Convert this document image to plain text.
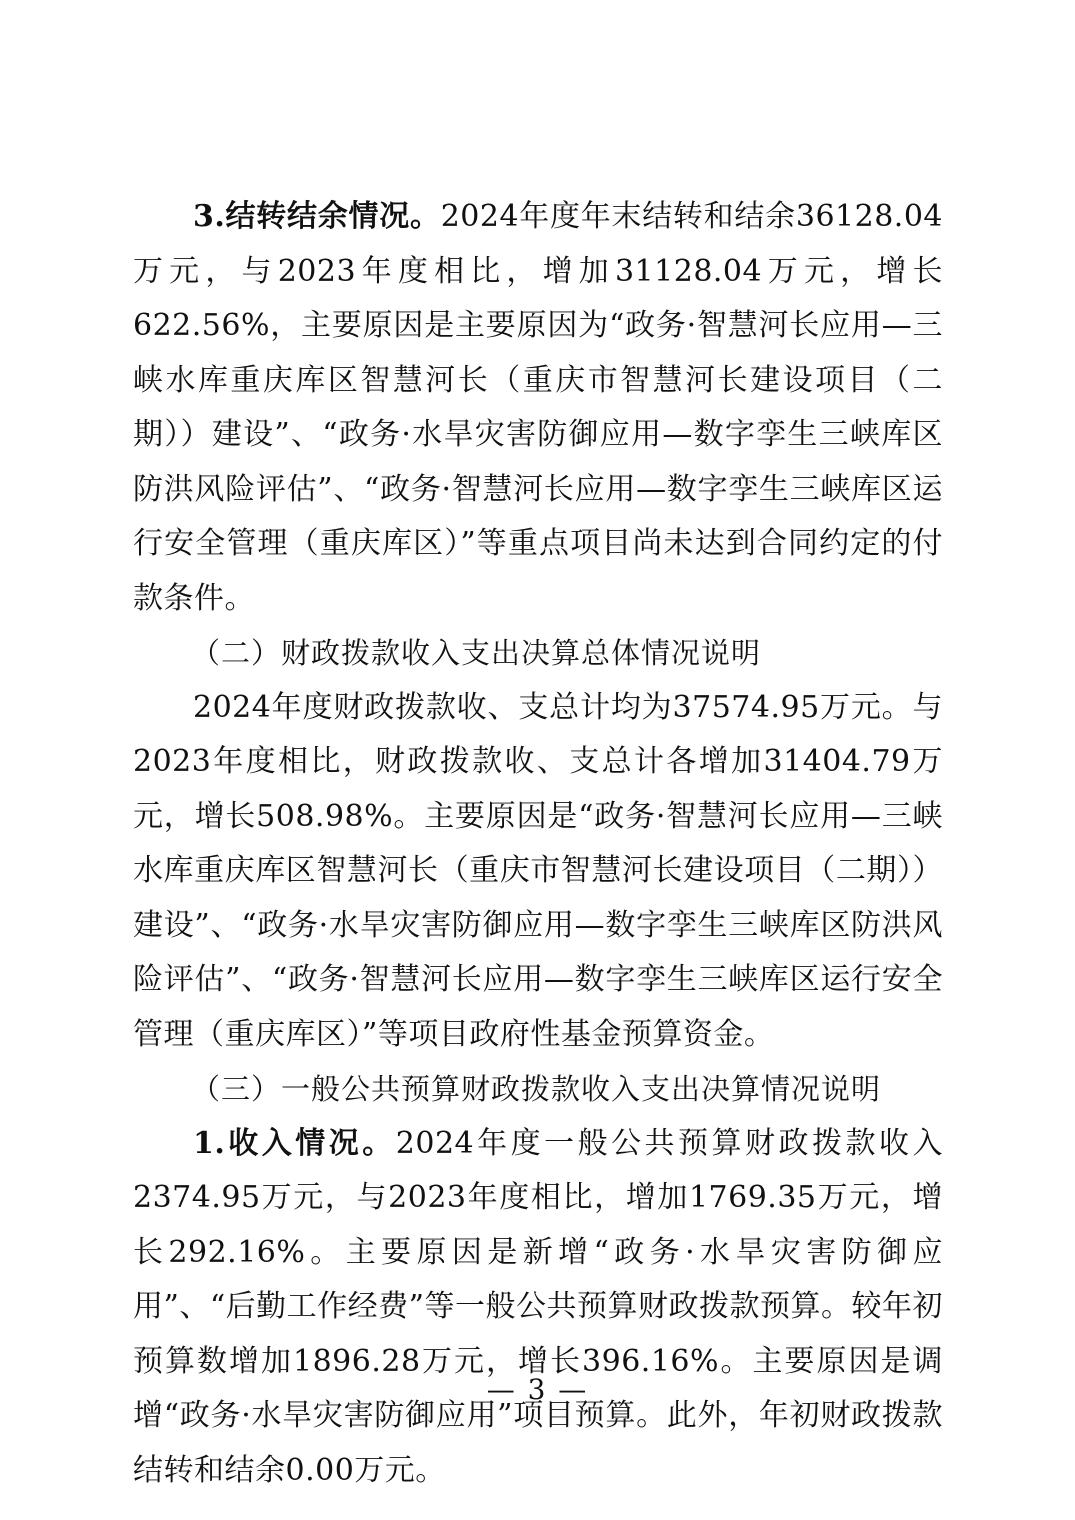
3.结转结余情况。2024年度年末结转和结余36128.04万元，与2023年度相比，增加31128.04万元，增长622.56%，主要原因是主要原因为“政务·智慧河长应用—三峡水库重庆库区智慧河长（重庆市智慧河长建设项目（二期））建设”、“政务·水旱灾害防御应用—数字孪生三峡库区防洪风险评估”、“政务·智慧河长应用—数字孪生三峡库区运行安全管理（重庆库区）”等重点项目尚未达到合同约定的付款条件。

（二）财政拨款收入支出决算总体情况说明

2024年度财政拨款收、支总计均为37574.95万元。与2023年度相比，财政拨款收、支总计各增加31404.79万元，增长508.98%。主要原因是“政务·智慧河长应用—三峡水库重庆库区智慧河长（重庆市智慧河长建设项目（二期））建设”、“政务·水旱灾害防御应用—数字孪生三峡库区防洪风险评估”、“政务·智慧河长应用—数字孪生三峡库区运行安全管理（重庆库区）”等项目政府性基金预算资金。

（三）一般公共预算财政拨款收入支出决算情况说明

1.收入情况。2024年度一般公共预算财政拨款收入2374.95万元，与2023年度相比，增加1769.35万元，增长292.16%。主要原因是新增“政务·水旱灾害防御应用”、“后勤工作经费”等一般公共预算财政拨款预算。较年初预算数增加1896.28万元，增长396.16%。主要原因是调增“政务·水旱灾害防御应用”项目预算。此外，年初财政拨款结转和结余0.00万元。

— 3 —
